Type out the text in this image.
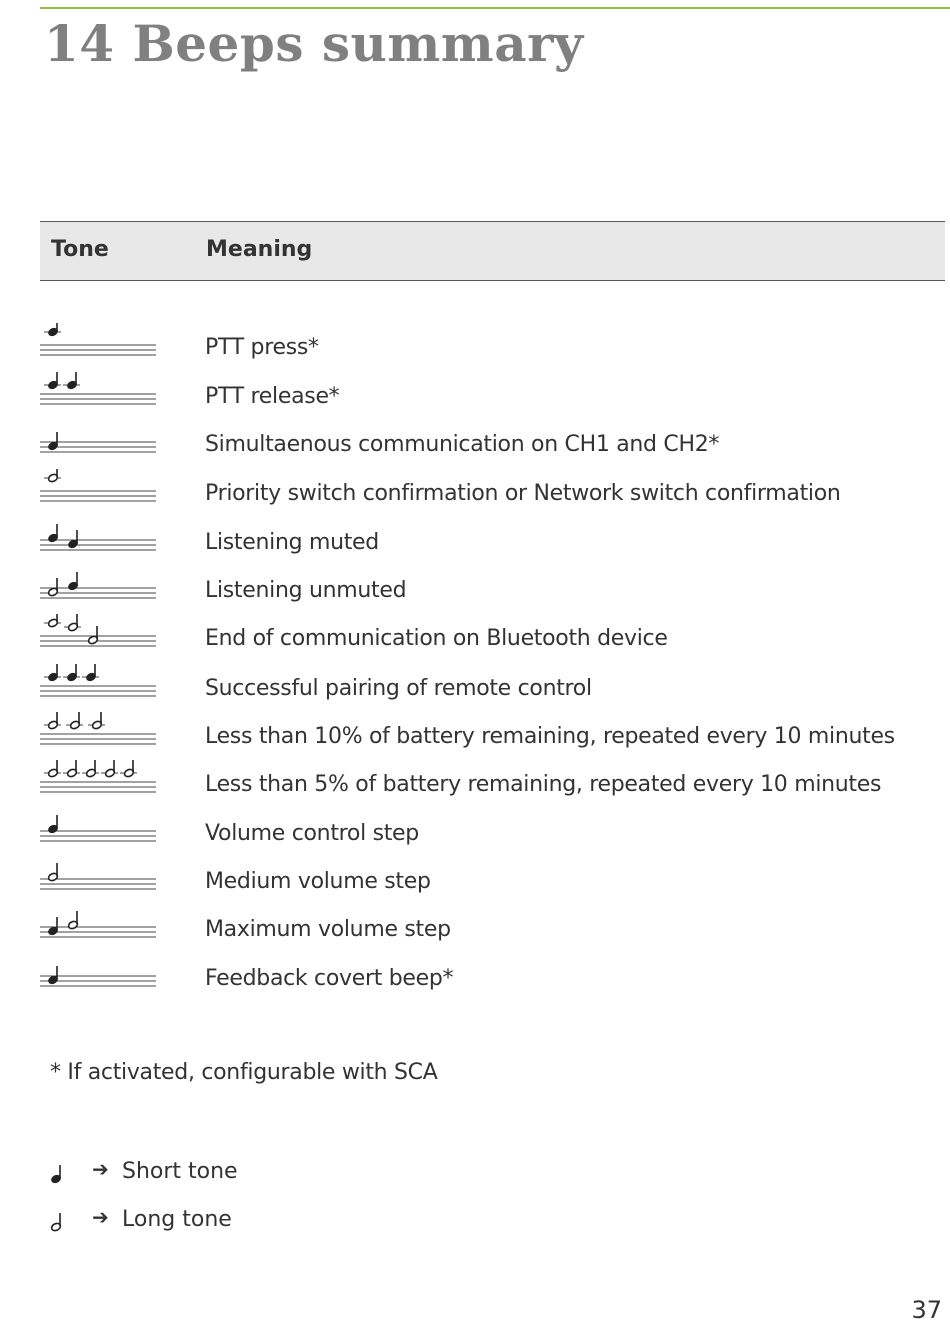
14 Beeps summary
Tone	Meaning
PTT press*
PTT release*
Simultaenous communication on CH1 and CH2*
Priority switch confirmation or Network switch confirmation
Listening muted
Listening unmuted
End of communication on Bluetooth device
Successful pairing of remote control
Less than 10% of battery remaining, repeated every 10 minutes
Less than 5% of battery remaining, repeated every 10 minutes
Volume control step
Medium volume step
Maximum volume step
Feedback covert beep*
* If activated, configurable with SCA
➔ Short tone
➔ Long tone
37
